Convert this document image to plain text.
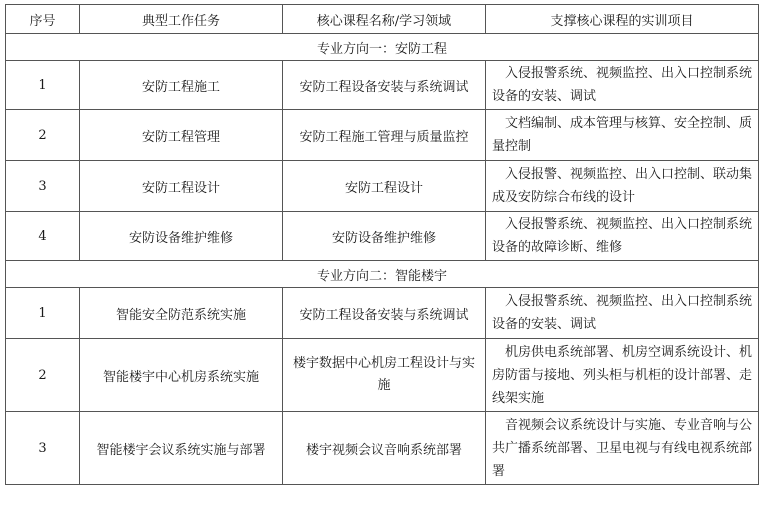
序号	典型工作任务	核心课程名称/学习领域	支撑核心课程的实训项目
专业方向一：安防工程			
1	安防工程施工	安防工程设备安装与系统调试	入侵报警系统、视频监控、出入口控制系统设备的安装、调试
2	安防工程管理	安防工程施工管理与质量监控	文档编制、成本管理与核算、安全控制、质量控制
3	安防工程设计	安防工程设计	入侵报警、视频监控、出入口控制、联动集成及安防综合布线的设计
4	安防设备维护维修	安防设备维护维修	入侵报警系统、视频监控、出入口控制系统设备的故障诊断、维修
专业方向二：智能楼宇			
1	智能安全防范系统实施	安防工程设备安装与系统调试	入侵报警系统、视频监控、出入口控制系统设备的安装、调试
2	智能楼宇中心机房系统实施	楼宇数据中心机房工程设计与实施	机房供电系统部署、机房空调系统设计、机房防雷与接地、列头柜与机柜的设计部署、走线架实施
3	智能楼宇会议系统实施与部署	楼宇视频会议音响系统部署	音视频会议系统设计与实施、专业音响与公共广播系统部署、卫星电视与有线电视系统部署
